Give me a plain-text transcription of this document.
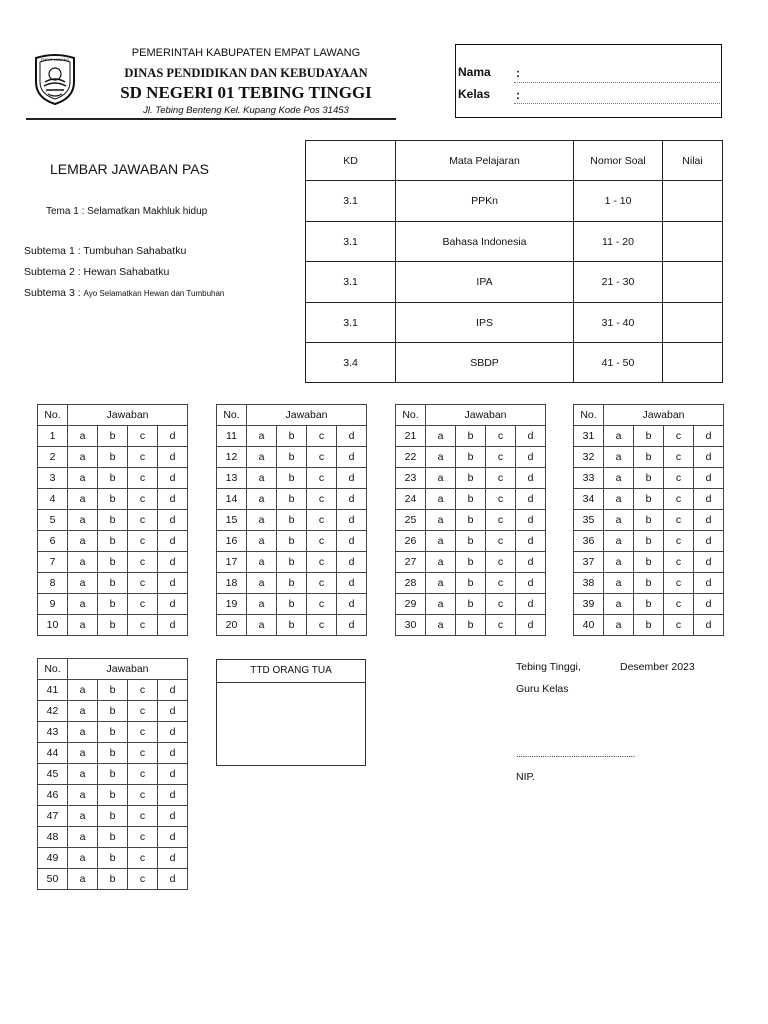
EMPAT LAWANG
PEMERINTAH KABUPATEN EMPAT LAWANG
DINAS PENDIDIKAN DAN KEBUDAYAAN
SD NEGERI 01 TEBING TINGGI
Jl. Tebing Benteng Kel. Kupang Kode Pos 31453
Nama :
Kelas :
LEMBAR JAWABAN PAS
Tema 1 : Selamatkan Makhluk hidup
Subtema 1 : Tumbuhan Sahabatku
Subtema 2 : Hewan Sahabatku
Subtema 3 : Ayo Selamatkan Hewan dan Tumbuhan
KD	Mata Pelajaran	Nomor Soal	Nilai
3.1	PPKn	1 - 10	
3.1	Bahasa Indonesia	11 - 20	
3.1	IPA	21 - 30	
3.1	IPS	31 - 40	
3.4	SBDP	41 - 50	
No.	Jawaban			
1	a	b	c	d
2	a	b	c	d
3	a	b	c	d
4	a	b	c	d
5	a	b	c	d
6	a	b	c	d
7	a	b	c	d
8	a	b	c	d
9	a	b	c	d
10	a	b	c	d
No.	Jawaban			
11	a	b	c	d
12	a	b	c	d
13	a	b	c	d
14	a	b	c	d
15	a	b	c	d
16	a	b	c	d
17	a	b	c	d
18	a	b	c	d
19	a	b	c	d
20	a	b	c	d
No.	Jawaban			
21	a	b	c	d
22	a	b	c	d
23	a	b	c	d
24	a	b	c	d
25	a	b	c	d
26	a	b	c	d
27	a	b	c	d
28	a	b	c	d
29	a	b	c	d
30	a	b	c	d
No.	Jawaban			
31	a	b	c	d
32	a	b	c	d
33	a	b	c	d
34	a	b	c	d
35	a	b	c	d
36	a	b	c	d
37	a	b	c	d
38	a	b	c	d
39	a	b	c	d
40	a	b	c	d
No.	Jawaban			
41	a	b	c	d
42	a	b	c	d
43	a	b	c	d
44	a	b	c	d
45	a	b	c	d
46	a	b	c	d
47	a	b	c	d
48	a	b	c	d
49	a	b	c	d
50	a	b	c	d
TTD ORANG TUA	Tebing Tinggi,	Desember 2023
Guru Kelas
......................................................
NIP.
